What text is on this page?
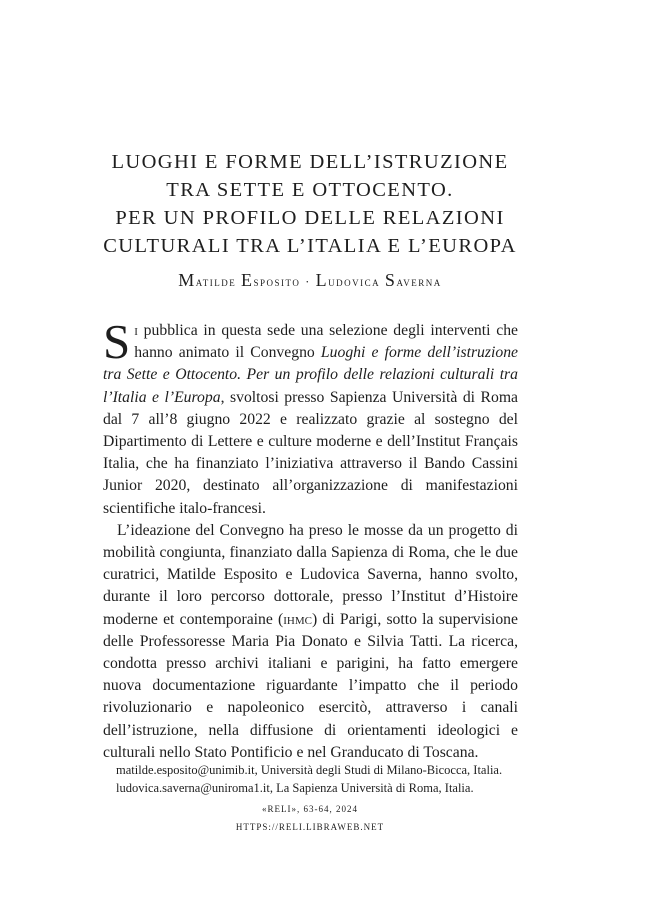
LUOGHI E FORME DELL’ISTRUZIONE
TRA SETTE E OTTOCENTO.
PER UN PROFILO DELLE RELAZIONI
CULTURALI TRA L’ITALIA E L’EUROPA
Matilde Esposito · Ludovica Saverna

Si pubblica in questa sede una selezione degli interventi che hanno animato il Convegno Luoghi e forme dell’istruzione tra Sette e Ottocento. Per un profilo delle relazioni culturali tra l’Italia e l’Europa, svoltosi presso Sapienza Università di Roma dal 7 all’8 giugno 2022 e realizzato grazie al sostegno del Dipartimento di Lettere e culture moderne e dell’Institut Français Italia, che ha finanziato l’iniziativa attraverso il Bando Cassini Junior 2020, destinato all’organizzazione di manifestazioni scientifiche italo-francesi.

L’ideazione del Convegno ha preso le mosse da un progetto di mobilità congiunta, finanziato dalla Sapienza di Roma, che le due curatrici, Matilde Esposito e Ludovica Saverna, hanno svolto, durante il loro percorso dottorale, presso l’Institut d’Histoire moderne et contemporaine (ihmc) di Parigi, sotto la supervisione delle Professoresse Maria Pia Donato e Silvia Tatti. La ricerca, condotta presso archivi italiani e parigini, ha fatto emergere nuova documentazione riguardante l’impatto che il periodo rivoluzionario e napoleonico esercitò, attraverso i canali dell’istruzione, nella diffusione di orientamenti ideologici e culturali nello Stato Pontificio e nel Granducato di Toscana.

matilde.esposito@unimib.it, Università degli Studi di Milano-Bicocca, Italia.
ludovica.saverna@uniroma1.it, La Sapienza Università di Roma, Italia.
«RELI», 63-64, 2024
HTTPS://RELI.LIBRAWEB.NET
